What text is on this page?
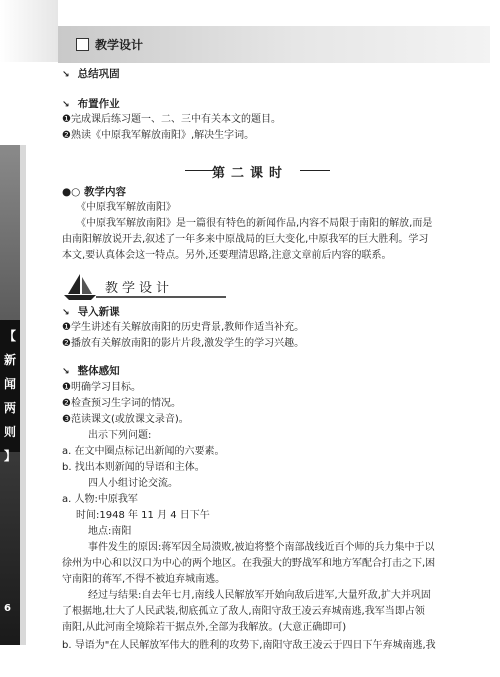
教学设计
【
新
闻
两
则
】
6
↘ 总结巩固
↘ 布置作业
❶完成课后练习题一、二、三中有关本文的题目。
❷熟读《中原我军解放南阳》,解决生字词。
第二课时
●○ 教学内容
《中原我军解放南阳》
《中原我军解放南阳》是一篇很有特色的新闻作品,内容不局限于南阳的解放,而是
由南阳解放说开去,叙述了一年多来中原战局的巨大变化,中原我军的巨大胜利。学习
本文,要认真体会这一特点。另外,还要理清思路,注意文章前后内容的联系。
教学设计
↘ 导入新课
❶学生讲述有关解放南阳的历史背景,教师作适当补充。
❷播放有关解放南阳的影片片段,激发学生的学习兴趣。
↘ 整体感知
❶明确学习目标。
❷检查预习生字词的情况。
❸范读课文(或放课文录音)。
出示下列问题:
a. 在文中圈点标记出新闻的六要素。
b. 找出本则新闻的导语和主体。
四人小组讨论交流。
a. 人物:中原我军
时间:1948 年 11 月 4 日下午
地点:南阳
事件发生的原因:蒋军因全局溃败,被迫将整个南部战线近百个师的兵力集中于以
徐州为中心和以汉口为中心的两个地区。在我强大的野战军和地方军配合打击之下,困
守南阳的蒋军,不得不被迫弃城南逃。
经过与结果:自去年七月,南线人民解放军开始向敌后进军,大量歼敌,扩大并巩固
了根据地,壮大了人民武装,彻底孤立了敌人,南阳守敌王凌云弃城南逃,我军当即占领
南阳,从此河南全境除若干据点外,全部为我解放。(大意正确即可)
b. 导语为"在人民解放军伟大的胜利的攻势下,南阳守敌王凌云于四日下午弃城南逃,我
